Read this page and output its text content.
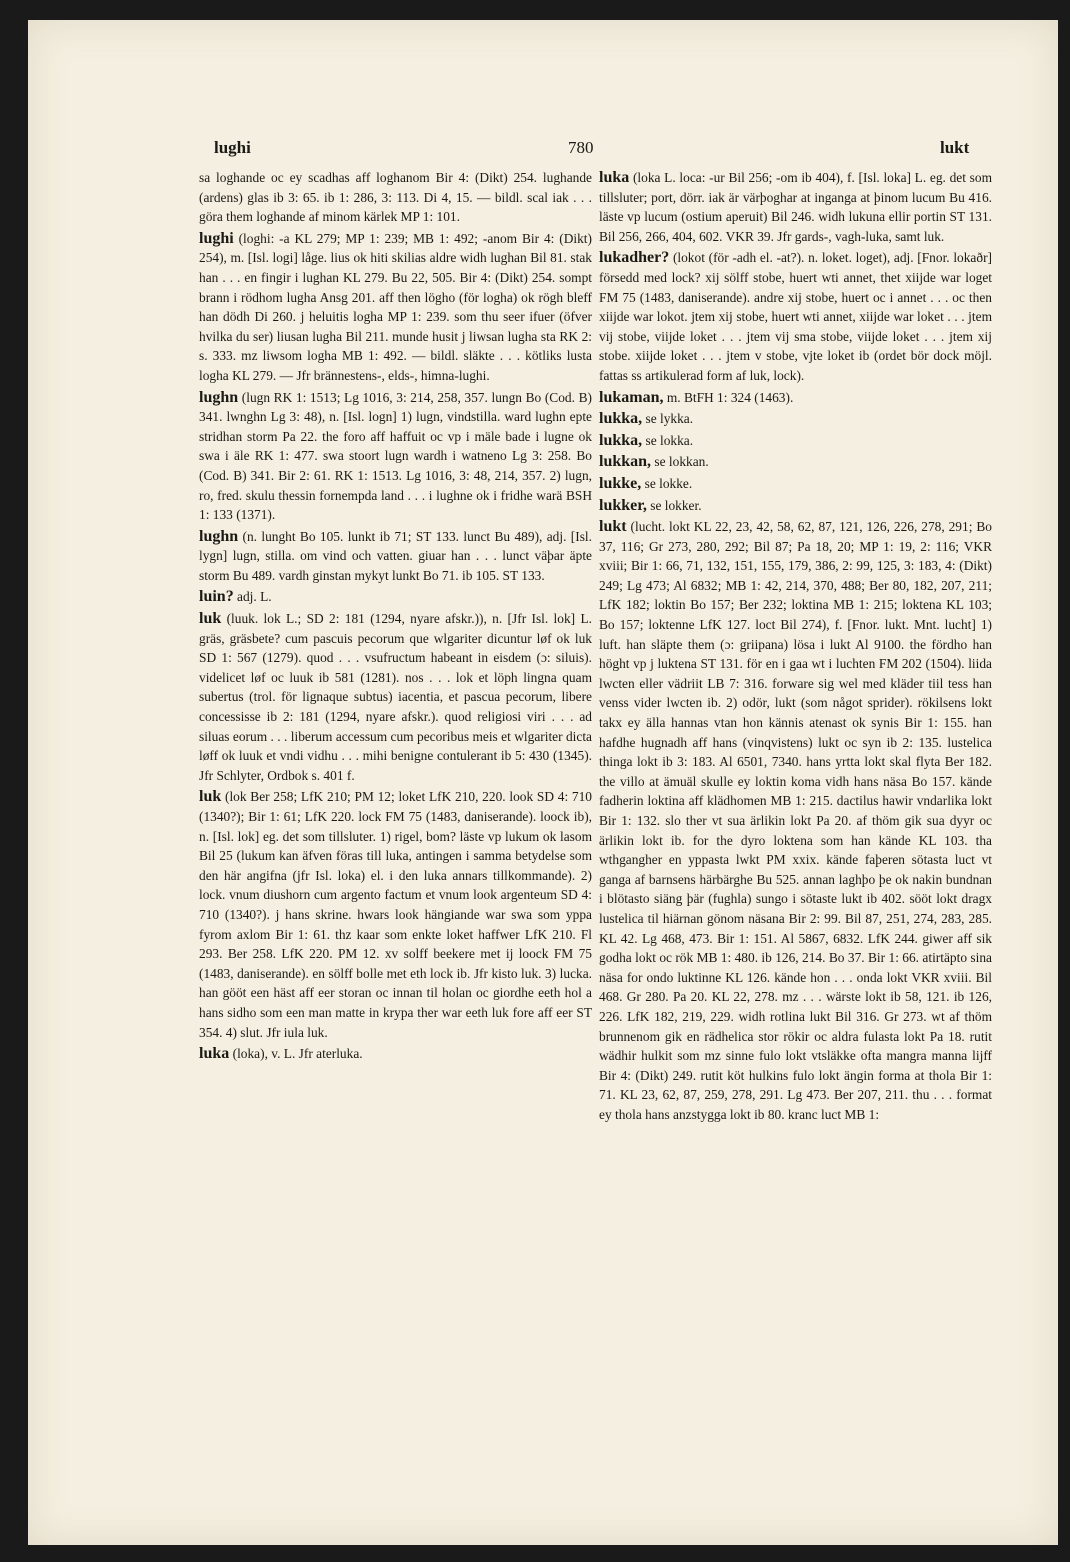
lughi	780	lukt

sa loghande oc ey scadhas aff loghanom Bir 4: (Dikt) 254. lughande (ardens) glas ib 3: 65. ib 1: 286, 3: 113. Di 4, 15. — bildl. scal iak . . . göra them loghande af minom kärlek MP 1: 101.

lughi (loghi: -a KL 279; MP 1: 239; MB 1: 492; -anom Bir 4: (Dikt) 254), m. [Isl. logi] låge. lius ok hiti skilias aldre widh lughan Bil 81. stak han . . . en fingir i lughan KL 279. Bu 22, 505. Bir 4: (Dikt) 254. sompt brann i rödhom lugha Ansg 201. aff then lögho (för logha) ok rögh bleff han dödh Di 260. j heluitis logha MP 1: 239. som thu seer ifuer (öfver hvilka du ser) liusan lugha Bil 211. munde husit j liwsan lugha sta RK 2: s. 333. mz liwsom logha MB 1: 492. — bildl. släkte . . . kötliks lusta logha KL 279. — Jfr brännestens-, elds-, himna-lughi.

lughn (lugn RK 1: 1513; Lg 1016, 3: 214, 258, 357. lungn Bo (Cod. B) 341. lwnghn Lg 3: 48), n. [Isl. logn] 1) lugn, vindstilla. ward lughn epte stridhan storm Pa 22. the foro aff haffuit oc vp i mäle bade i lugne ok swa i äle RK 1: 477. swa stoort lugn wardh i watneno Lg 3: 258. Bo (Cod. B) 341. Bir 2: 61. RK 1: 1513. Lg 1016, 3: 48, 214, 357. 2) lugn, ro, fred. skulu thessin fornempda land . . . i lughne ok i fridhe warä BSH 1: 133 (1371).

lughn (n. lunght Bo 105. lunkt ib 71; ST 133. lunct Bu 489), adj. [Isl. lygn] lugn, stilla. om vind och vatten. giuar han . . . lunct väþar äpte storm Bu 489. vardh ginstan mykyt lunkt Bo 71. ib 105. ST 133.

luin? adj. L.

luk (luuk. lok L.; SD 2: 181 (1294, nyare afskr.)), n. [Jfr Isl. lok] L. gräs, gräsbete? cum pascuis pecorum que wlgariter dicuntur løf ok luk SD 1: 567 (1279). quod . . . vsufructum habeant in eisdem (ɔ: siluis). videlicet løf oc luuk ib 581 (1281). nos . . . lok et löph lingna quam subertus (trol. för lignaque subtus) iacentia, et pascua pecorum, libere concessisse ib 2: 181 (1294, nyare afskr.). quod religiosi viri . . . ad siluas eorum . . . liberum accessum cum pecoribus meis et wlgariter dicta løff ok luuk et vndi vidhu . . . mihi benigne contulerant ib 5: 430 (1345). Jfr Schlyter, Ordbok s. 401 f.

luk (lok Ber 258; LfK 210; PM 12; loket LfK 210, 220. look SD 4: 710 (1340?); Bir 1: 61; LfK 220. lock FM 75 (1483, daniserande). loock ib), n. [Isl. lok] eg. det som tillsluter. 1) rigel, bom? läste vp lukum ok lasom Bil 25 (lukum kan äfven föras till luka, antingen i samma betydelse som den här angifna (jfr Isl. loka) el. i den luka annars tillkommande). 2) lock. vnum diushorn cum argento factum et vnum look argenteum SD 4: 710 (1340?). j hans skrine. hwars look hängiande war swa som yppa fyrom axlom Bir 1: 61. thz kaar som enkte loket haffwer LfK 210. Fl 293. Ber 258. LfK 220. PM 12. xv solff beekere met ij loock FM 75 (1483, daniserande). en sölff bolle met eth lock ib. Jfr kisto luk. 3) lucka. han gööt een häst aff eer storan oc innan til holan oc giordhe eeth hol a hans sidho som een man matte in krypa ther war eeth luk fore aff eer ST 354. 4) slut. Jfr iula luk.

luka (loka), v. L. Jfr aterluka.

luka (loka L. loca: -ur Bil 256; -om ib 404), f. [Isl. loka] L. eg. det som tillsluter; port, dörr. iak är värþoghar at inganga at þinom lucum Bu 416. läste vp lucum (ostium aperuit) Bil 246. widh lukuna ellir portin ST 131. Bil 256, 266, 404, 602. VKR 39. Jfr gards-, vagh-luka, samt luk.

lukadher? (lokot (för -adh el. -at?). n. loket. loget), adj. [Fnor. lokaðr] försedd med lock? xij sölff stobe, huert wti annet, thet xiijde war loget FM 75 (1483, daniserande). andre xij stobe, huert oc i annet . . . oc then xiijde war lokot. jtem xij stobe, huert wti annet, xiijde war loket . . . jtem vij stobe, viijde loket . . . jtem vij sma stobe, viijde loket . . . jtem xij stobe. xiijde loket . . . jtem v stobe, vjte loket ib (ordet bör dock möjl. fattas ss artikulerad form af luk, lock).

lukaman, m. BtFH 1: 324 (1463).

lukka, se lykka.

lukka, se lokka.

lukkan, se lokkan.

lukke, se lokke.

lukker, se lokker.

lukt (lucht. lokt KL 22, 23, 42, 58, 62, 87, 121, 126, 226, 278, 291; Bo 37, 116; Gr 273, 280, 292; Bil 87; Pa 18, 20; MP 1: 19, 2: 116; VKR xviii; Bir 1: 66, 71, 132, 151, 155, 179, 386, 2: 99, 125, 3: 183, 4: (Dikt) 249; Lg 473; Al 6832; MB 1: 42, 214, 370, 488; Ber 80, 182, 207, 211; LfK 182; loktin Bo 157; Ber 232; loktina MB 1: 215; loktena KL 103; Bo 157; loktenne LfK 127. loct Bil 274), f. [Fnor. lukt. Mnt. lucht] 1) luft. han släpte them (ɔ: griipana) lösa i lukt Al 9100. the fördho han höght vp j luktena ST 131. för en i gaa wt i luchten FM 202 (1504). liida lwcten eller vädriit LB 7: 316. forware sig wel med kläder tiil tess han venss vider lwcten ib. 2) odör, lukt (som något sprider). rökilsens lokt takx ey älla hannas vtan hon kännis atenast ok synis Bir 1: 155. han hafdhe hugnadh aff hans (vinqvistens) lukt oc syn ib 2: 135. lustelica thinga lokt ib 3: 183. Al 6501, 7340. hans yrtta lokt skal flyta Ber 182. the villo at ämuäl skulle ey loktin koma vidh hans näsa Bo 157. kände fadherin loktina aff klädhomen MB 1: 215. dactilus hawir vndarlika lokt Bir 1: 132. slo ther vt sua ärlikin lokt Pa 20. af thöm gik sua dyyr oc ärlikin lokt ib. for the dyro loktena som han kände KL 103. tha wthgangher en yppasta lwkt PM xxix. kände faþeren sötasta luct vt ganga af barnsens härbärghe Bu 525. annan laghþo þe ok nakin bundnan i blötasto siäng þär (fughla) sungo i sötaste lukt ib 402. sööt lokt dragx lustelica til hiärnan gönom näsana Bir 2: 99. Bil 87, 251, 274, 283, 285. KL 42. Lg 468, 473. Bir 1: 151. Al 5867, 6832. LfK 244. giwer aff sik godha lokt oc rök MB 1: 480. ib 126, 214. Bo 37. Bir 1: 66. atirtäpto sina näsa for ondo luktinne KL 126. kände hon . . . onda lokt VKR xviii. Bil 468. Gr 280. Pa 20. KL 22, 278. mz . . . wärste lokt ib 58, 121. ib 126, 226. LfK 182, 219, 229. widh rotlina lukt Bil 316. Gr 273. wt af thöm brunnenom gik en rädhelica stor rökir oc aldra fulasta lokt Pa 18. rutit wädhir hulkit som mz sinne fulo lokt vtsläkke ofta mangra manna lijff Bir 4: (Dikt) 249. rutit köt hulkins fulo lokt ängin forma at thola Bir 1: 71. KL 23, 62, 87, 259, 278, 291. Lg 473. Ber 207, 211. thu . . . format ey thola hans anzstygga lokt ib 80. kranc luct MB 1:
